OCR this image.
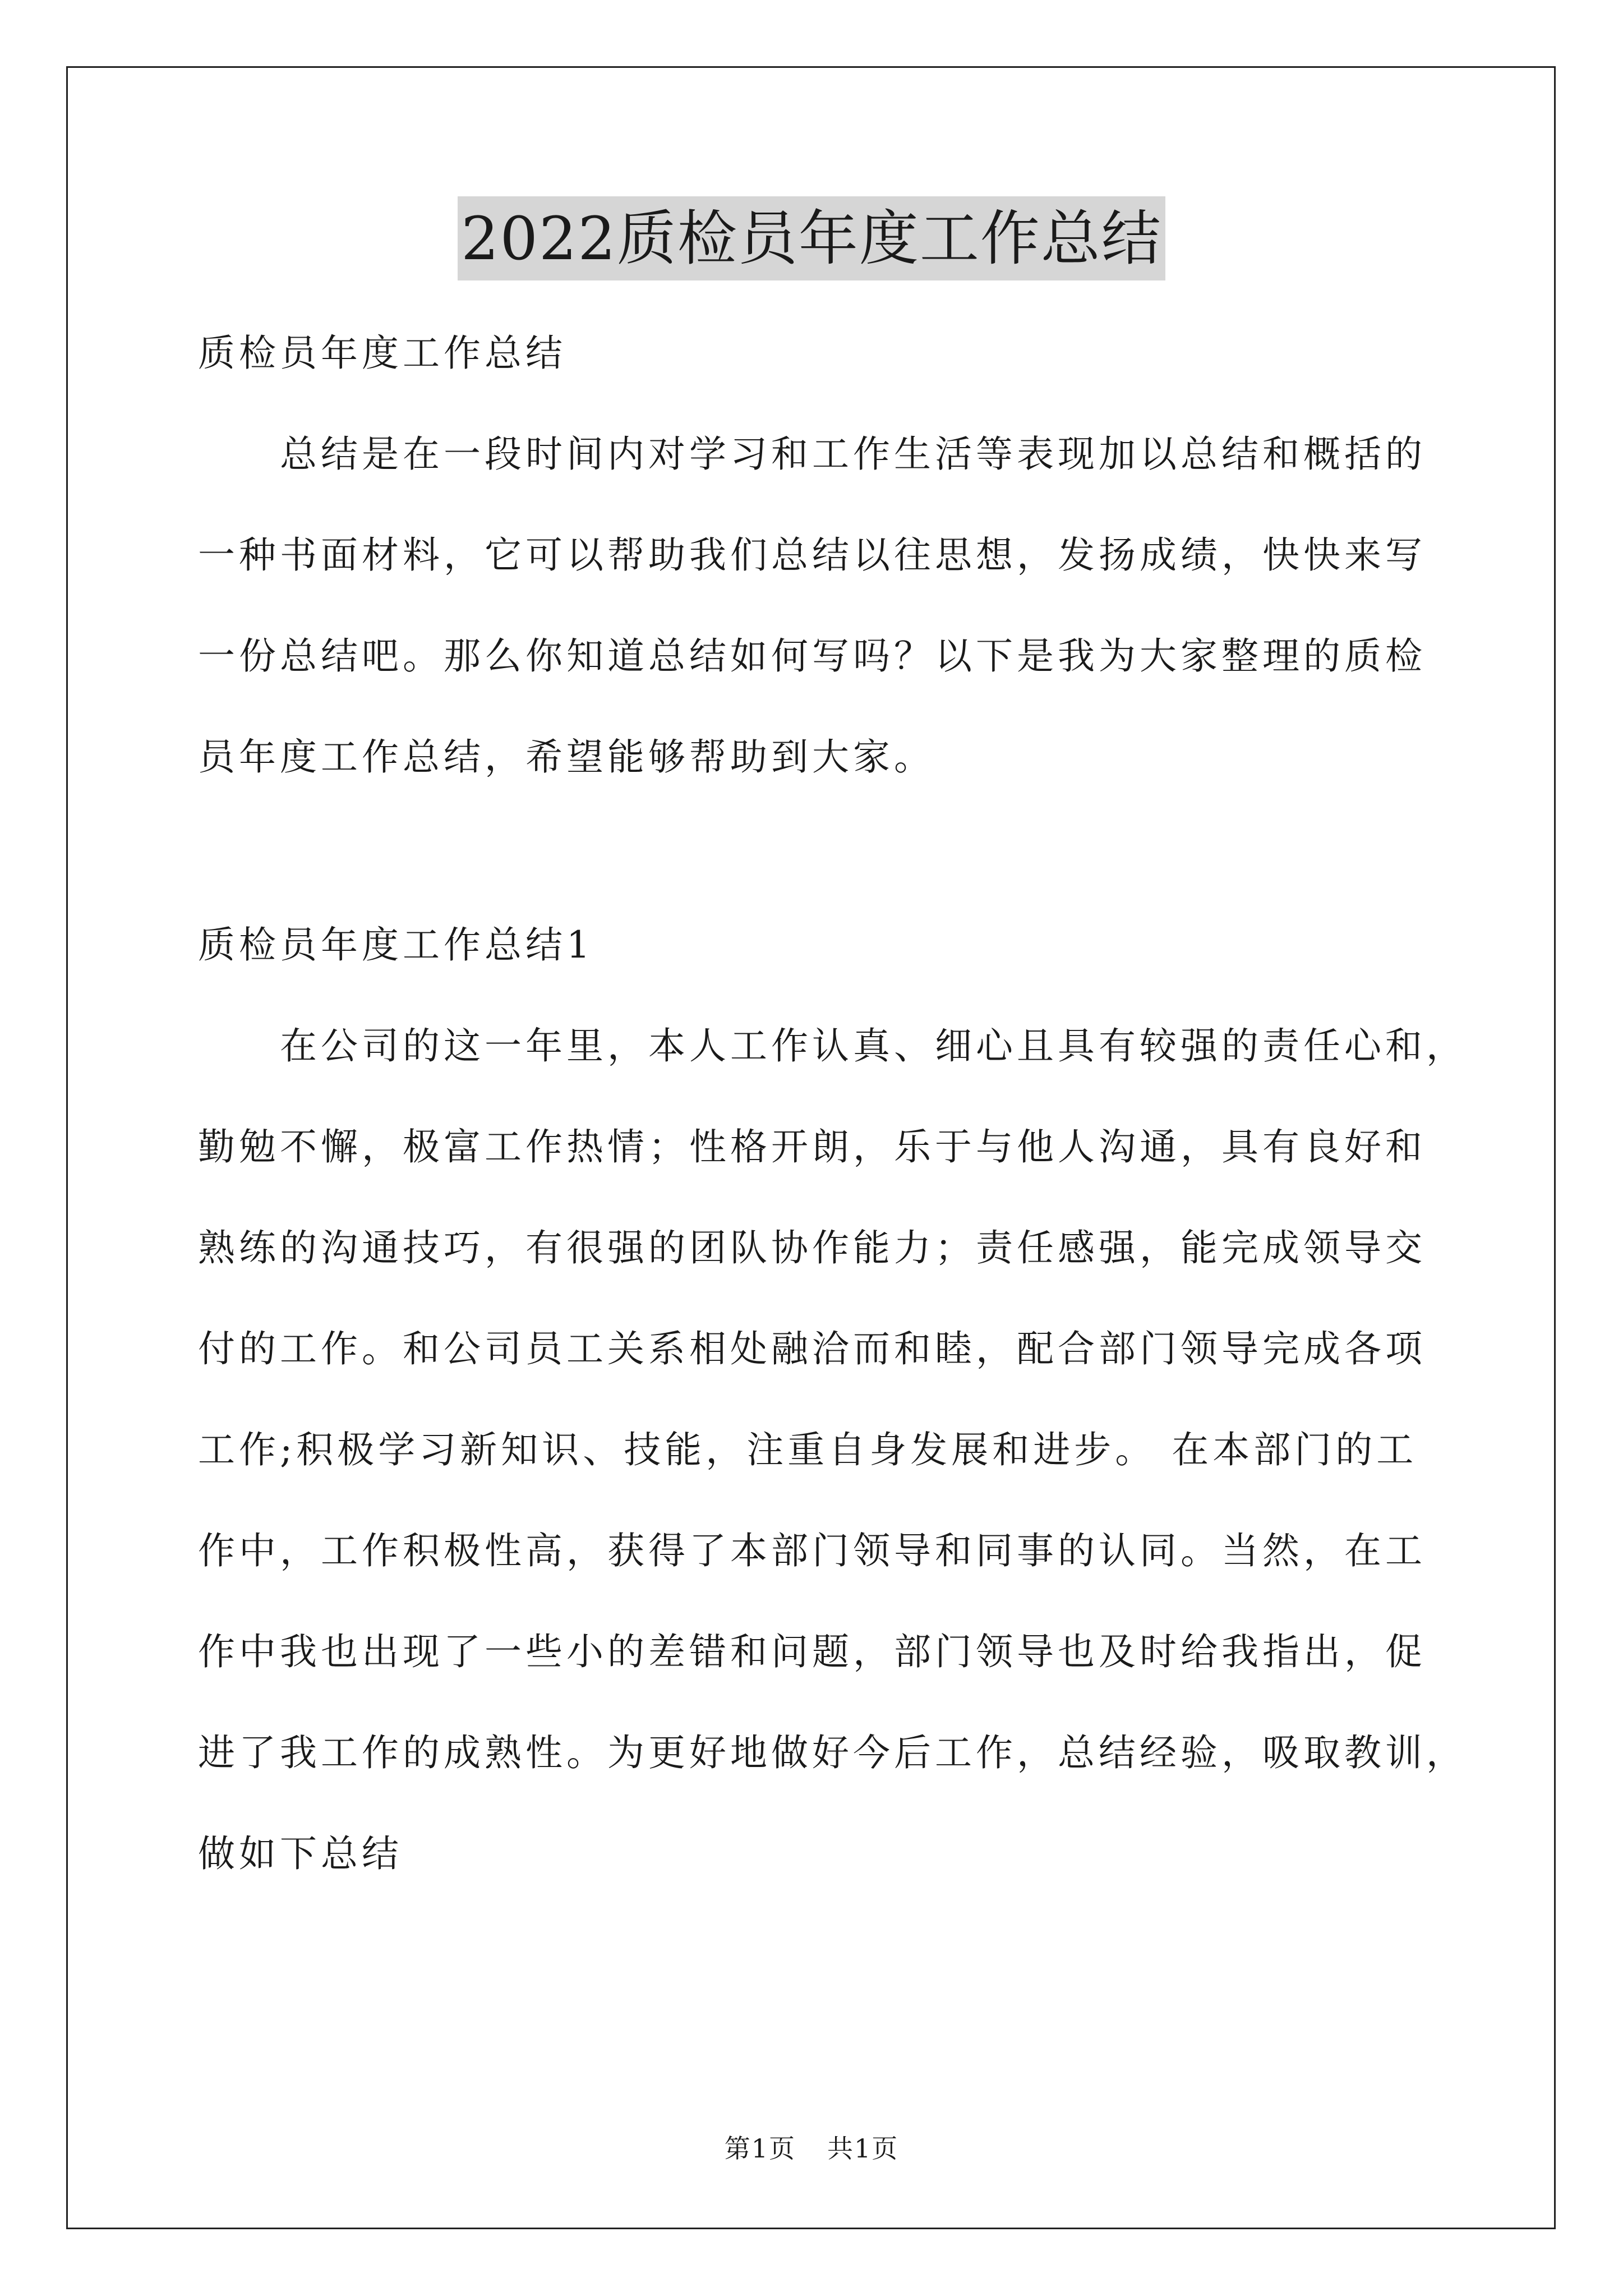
2022质检员年度工作总结
质检员年度工作总结
总结是在一段时间内对学习和工作生活等表现加以总结和概括的
一种书面材料，它可以帮助我们总结以往思想，发扬成绩，快快来写
一份总结吧。那么你知道总结如何写吗？以下是我为大家整理的质检
员年度工作总结，希望能够帮助到大家。
质检员年度工作总结1
在公司的这一年里，本人工作认真、细心且具有较强的责任心和，
勤勉不懈，极富工作热情；性格开朗，乐于与他人沟通，具有良好和
熟练的沟通技巧，有很强的团队协作能力；责任感强，能完成领导交
付的工作。和公司员工关系相处融洽而和睦，配合部门领导完成各项
工作;积极学习新知识、技能，注重自身发展和进步。 在本部门的工
作中，工作积极性高，获得了本部门领导和同事的认同。当然，在工
作中我也出现了一些小的差错和问题，部门领导也及时给我指出，促
进了我工作的成熟性。为更好地做好今后工作，总结经验，吸取教训，
做如下总结
第1页 共1页
